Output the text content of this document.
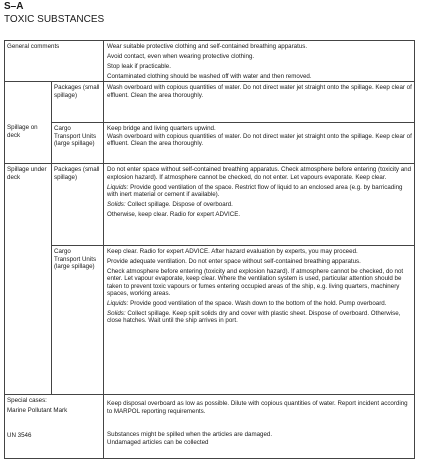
S–A
TOXIC SUBSTANCES
General comments	Wear suitable protective clothing and self-contained breathing apparatus.
Avoid contact, even when wearing protective clothing.
Stop leak if practicable.
Contaminated clothing should be washed off with water and then removed.
Spillage on deck
Packages (small spillage)
Wash overboard with copious quantities of water. Do not direct water jet straight onto the spillage. Keep clear of effluent. Clean the area thoroughly.
Cargo Transport Units (large spillage)
Keep bridge and living quarters upwind.
Wash overboard with copious quantities of water. Do not direct water jet straight onto the spillage. Keep clear of effluent. Clean the area thoroughly.
Spillage under deck
Packages (small spillage)
Do not enter space without self-contained breathing apparatus. Check atmosphere before entering (toxicity and explosion hazard). If atmosphere cannot be checked, do not enter. Let vapours evaporate. Keep clear.
Liquids: Provide good ventilation of the space. Restrict flow of liquid to an enclosed area (e.g. by barricading with inert material or cement if available).
Solids: Collect spillage. Dispose of overboard.
Otherwise, keep clear. Radio for expert ADVICE.
Cargo Transport Units (large spillage)
Keep clear. Radio for expert ADVICE. After hazard evaluation by experts, you may proceed.
Provide adequate ventilation. Do not enter space without self-contained breathing apparatus.
Check atmosphere before entering (toxicity and explosion hazard). If atmosphere cannot be checked, do not enter. Let vapour evaporate, keep clear. Where the ventilation system is used, particular attention should be taken to prevent toxic vapours or fumes entering occupied areas of the ship, e.g. living quarters, machinery spaces, working areas.
Liquids: Provide good ventilation of the space. Wash down to the bottom of the hold. Pump overboard.
Solids: Collect spillage. Keep spilt solids dry and cover with plastic sheet. Dispose of overboard. Otherwise, close hatches. Wait until the ship arrives in port.
Special cases:
Marine Pollutant Mark
Keep disposal overboard as low as possible. Dilute with copious quantities of water. Report incident according to MARPOL reporting requirements.
UN 3546	Substances might be spilled when the articles are damaged.
Undamaged articles can be collected
